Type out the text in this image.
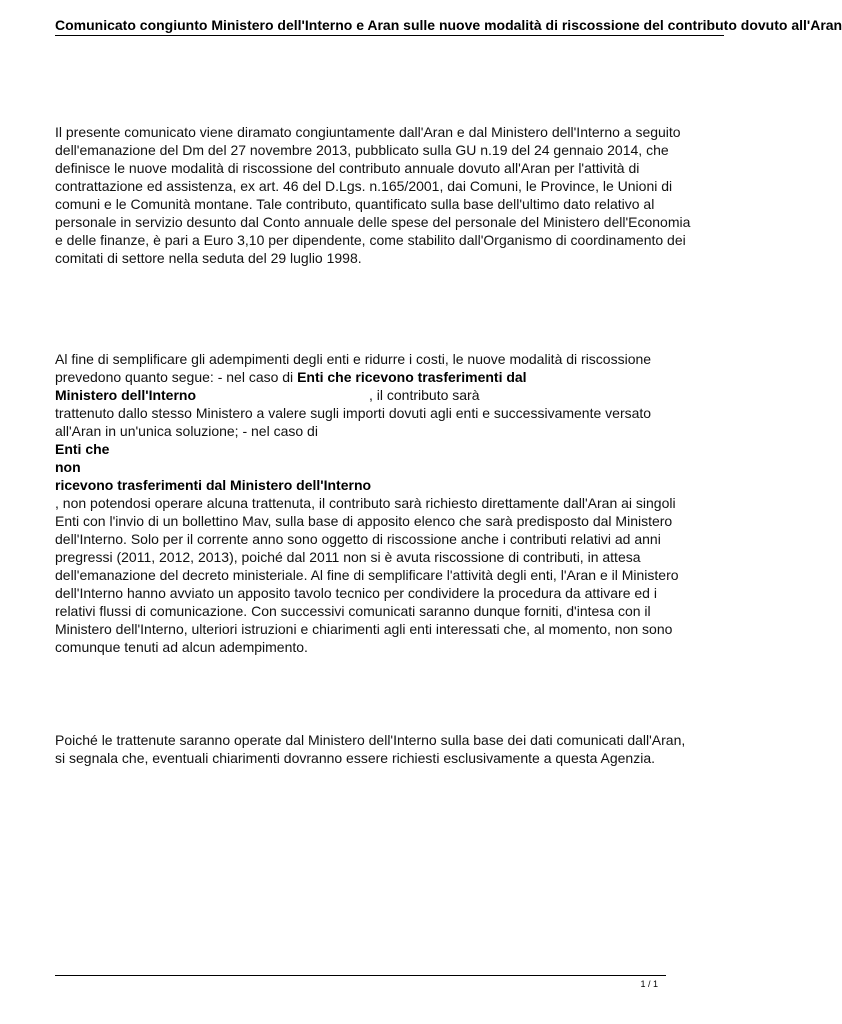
Comunicato congiunto Ministero dell'Interno e Aran sulle nuove modalità di riscossione del contributo dovuto all'Aran
Il presente comunicato viene diramato congiuntamente dall'Aran e dal Ministero dell'Interno a seguito dell'emanazione del Dm del 27 novembre 2013, pubblicato sulla GU n.19 del 24 gennaio 2014, che definisce le nuove modalità di riscossione del contributo annuale dovuto all'Aran per l'attività di contrattazione ed assistenza, ex art. 46 del D.Lgs. n.165/2001, dai Comuni, le Province, le Unioni di comuni e le Comunità montane. Tale contributo, quantificato sulla base dell'ultimo dato relativo al personale in servizio desunto dal Conto annuale delle spese del personale del Ministero dell'Economia e delle finanze, è pari a Euro 3,10 per dipendente, come stabilito dall'Organismo di coordinamento dei comitati di settore nella seduta del 29 luglio 1998.
Al fine di semplificare gli adempimenti degli enti e ridurre i costi, le nuove modalità di riscossione prevedono quanto segue: - nel caso di Enti che ricevono trasferimenti dal
Ministero dell'Interno	, il contributo sarà
trattenuto dallo stesso Ministero a valere sugli importi dovuti agli enti e successivamente versato all'Aran in un'unica soluzione; - nel caso di
Enti che
non
ricevono trasferimenti dal Ministero dell'Interno
, non potendosi operare alcuna trattenuta, il contributo sarà richiesto direttamente dall'Aran ai singoli Enti con l'invio di un bollettino Mav, sulla base di apposito elenco che sarà predisposto dal Ministero dell'Interno. Solo per il corrente anno sono oggetto di riscossione anche i contributi relativi ad anni pregressi (2011, 2012, 2013), poiché dal 2011 non si è avuta riscossione di contributi, in attesa dell'emanazione del decreto ministeriale. Al fine di semplificare l'attività degli enti, l'Aran e il Ministero dell'Interno hanno avviato un apposito tavolo tecnico per condividere la procedura da attivare ed i relativi flussi di comunicazione. Con successivi comunicati saranno dunque forniti, d'intesa con il Ministero dell'Interno, ulteriori istruzioni e chiarimenti agli enti interessati che, al momento, non sono comunque tenuti ad alcun adempimento.
Poiché le trattenute saranno operate dal Ministero dell'Interno sulla base dei dati comunicati dall'Aran, si segnala che, eventuali chiarimenti dovranno essere richiesti esclusivamente a questa Agenzia.
1 / 1
